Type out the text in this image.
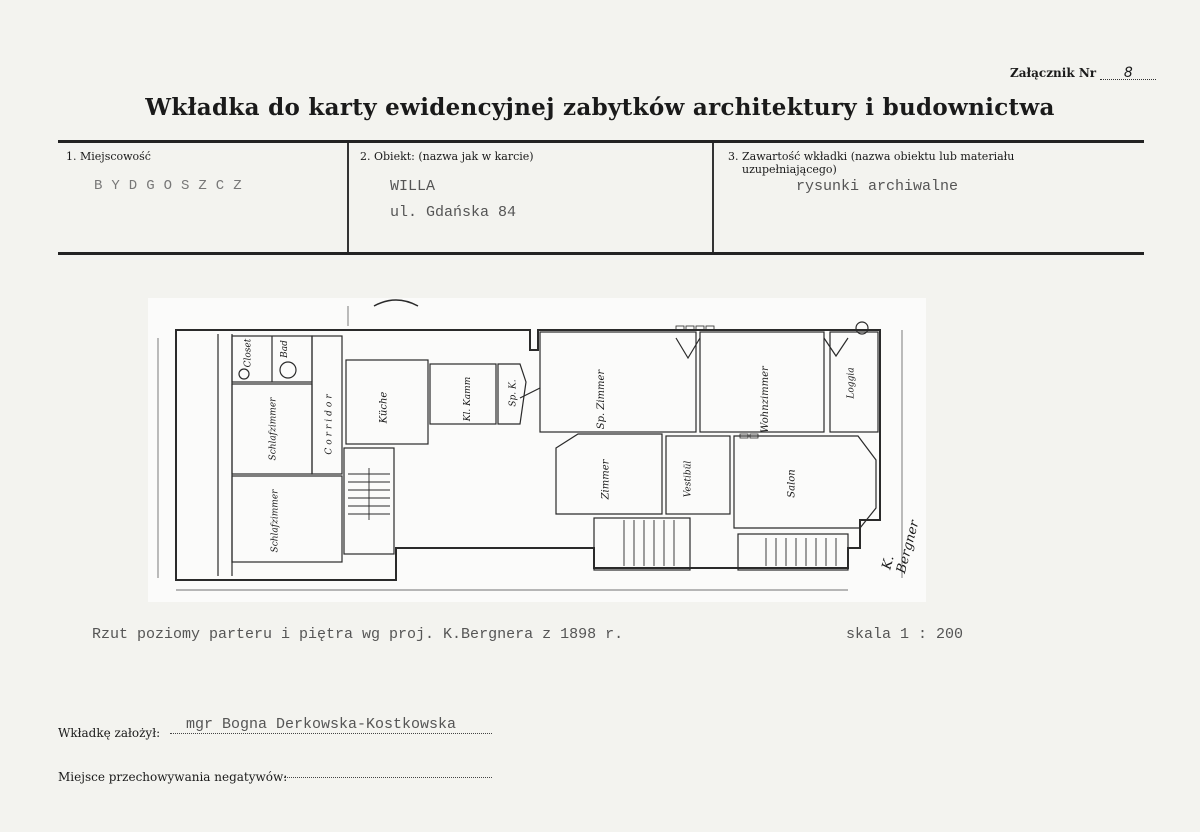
Załącznik Nr 8
Wkładka do karty ewidencyjnej zabytków architektury i budownictwa
1. Miejscowość
BYDGOSZCZ
2. Obiekt: (nazwa jak w karcie)
WILLA
ul. Gdańska 84
3. Zawartość wkładki (nazwa obiektu lub materiału
uzupełniającego)
rysunki archiwalne
Closet	Bad
Schlafzimmer	Corridor	Küche
Schlafzimmer
Kl. Kamm	Sp. K.	Sp. Zimmer	Wohnzimmer	Loggia
Zimmer	Vestibül	Salon
K. Bergner
Rzut poziomy parteru i piętra wg proj. K.Bergnera z 1898 r.	skala 1 : 200
Wkładkę założył: mgr Bogna Derkowska-Kostkowska
Miejsce przechowywania negatywów:
